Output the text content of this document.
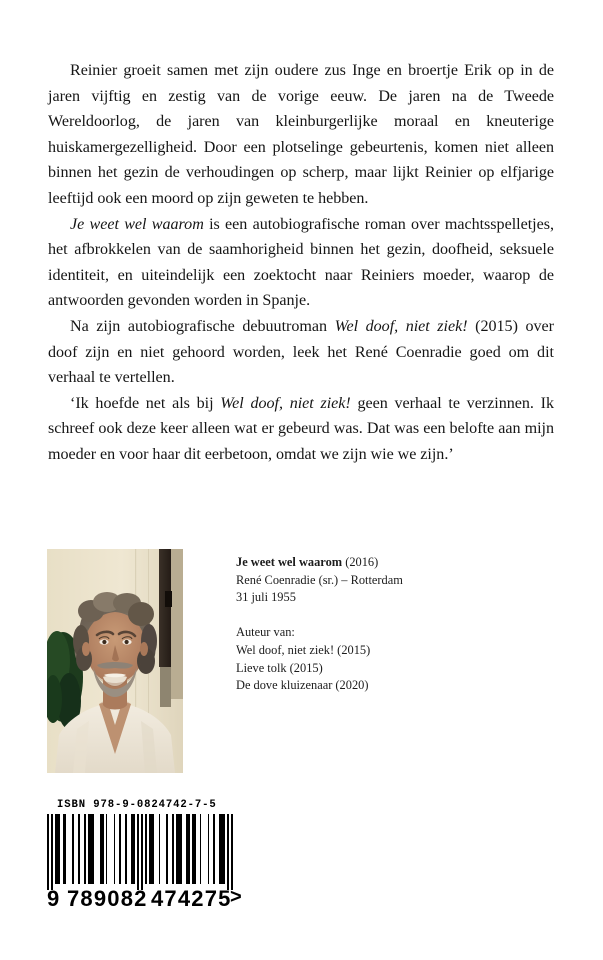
Reinier groeit samen met zijn oudere zus Inge en broertje Erik op in de jaren vijftig en zestig van de vorige eeuw. De jaren na de Tweede Wereldoorlog, de jaren van kleinburgerlijke moraal en kneuterige huiskamergezelligheid. Door een plotselinge gebeurtenis, komen niet alleen binnen het gezin de verhoudingen op scherp, maar lijkt Reinier op elfjarige leeftijd ook een moord op zijn geweten te hebben.

Je weet wel waarom is een autobiografische roman over machtsspelletjes, het afbrokkelen van de saamhorigheid binnen het gezin, doofheid, seksuele identiteit, en uiteindelijk een zoektocht naar Reiniers moeder, waarop de antwoorden gevonden worden in Spanje.

Na zijn autobiografische debuutroman Wel doof, niet ziek! (2015) over doof zijn en niet gehoord worden, leek het René Coenradie goed om dit verhaal te vertellen.

‘Ik hoefde net als bij Wel doof, niet ziek! geen verhaal te verzinnen. Ik schreef ook deze keer alleen wat er gebeurd was. Dat was een belofte aan mijn moeder en voor haar dit eerbetoon, omdat we zijn wie we zijn.’

Je weet wel waarom (2016)
René Coenradie (sr.) – Rotterdam
31 juli 1955
Auteur van:
Wel doof, niet ziek! (2015)
Lieve tolk (2015)
De dove kluizenaar (2020)
ISBN 978-9-0824742-7-5
9 789082 474275
>
